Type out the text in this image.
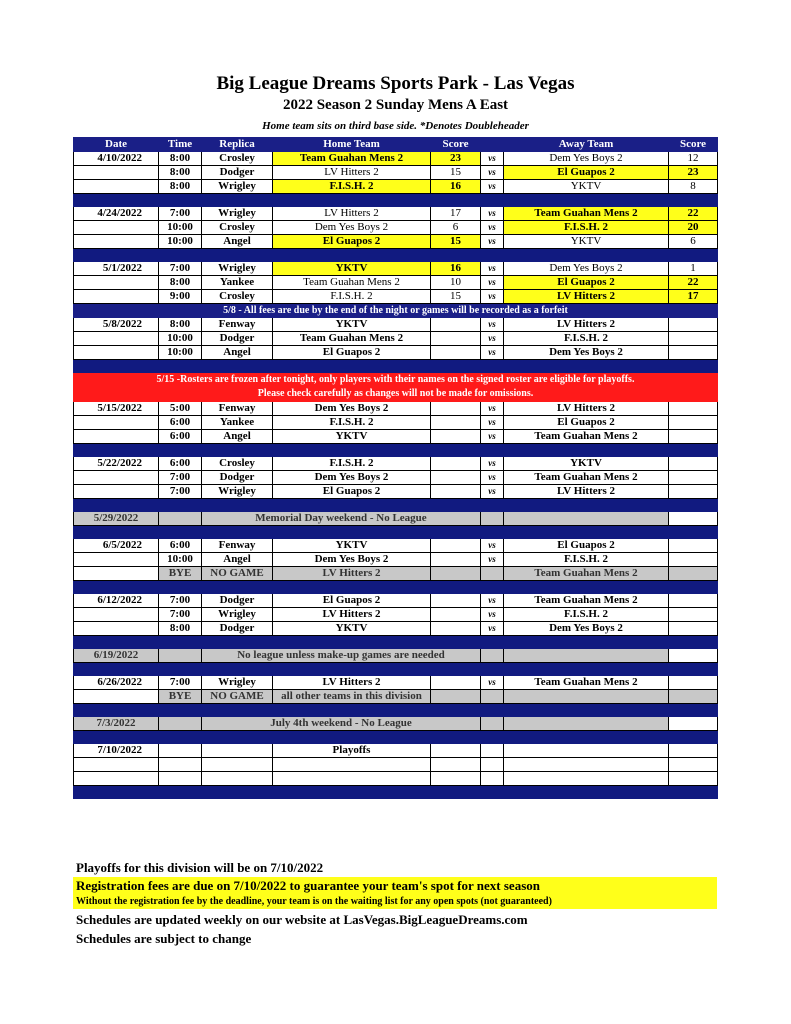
Big League Dreams Sports Park - Las Vegas
2022 Season 2 Sunday Mens A East
Home team sits on third base side. *Denotes Doubleheader
Date	Time	Replica	Home Team	Score		Away Team	Score
4/10/2022	8:00	Crosley	Team Guahan Mens 2	23	vs	Dem Yes Boys 2	12
	8:00	Dodger	LV Hitters 2	15	vs	El Guapos 2	23
	8:00	Wrigley	F.I.S.H. 2	16	vs	YKTV	8

4/24/2022	7:00	Wrigley	LV Hitters 2	17	vs	Team Guahan Mens 2	22
	10:00	Crosley	Dem Yes Boys 2	6	vs	F.I.S.H. 2	20
	10:00	Angel	El Guapos 2	15	vs	YKTV	6

5/1/2022	7:00	Wrigley	YKTV	16	vs	Dem Yes Boys 2	1
	8:00	Yankee	Team Guahan Mens 2	10	vs	El Guapos 2	22
	9:00	Crosley	F.I.S.H. 2	15	vs	LV Hitters 2	17
5/8 - All fees are due by the end of the night or games will be recorded as a forfeit							
5/8/2022	8:00	Fenway	YKTV		vs	LV Hitters 2	
	10:00	Dodger	Team Guahan Mens 2		vs	F.I.S.H. 2	
	10:00	Angel	El Guapos 2		vs	Dem Yes Boys 2	

5/15 -Rosters are frozen after tonight, only players with their names on the signed roster are eligible for playoffs.
Please check carefully as changes will not be made for omissions.							

5/15/2022	5:00	Fenway	Dem Yes Boys 2		vs	LV Hitters 2	
	6:00	Yankee	F.I.S.H. 2		vs	El Guapos 2	
	6:00	Angel	YKTV		vs	Team Guahan Mens 2	

5/22/2022	6:00	Crosley	F.I.S.H. 2		vs	YKTV	
	7:00	Dodger	Dem Yes Boys 2		vs	Team Guahan Mens 2	
	7:00	Wrigley	El Guapos 2		vs	LV Hitters 2	

5/29/2022		Memorial Day weekend - No League					

6/5/2022	6:00	Fenway	YKTV		vs	El Guapos 2	
	10:00	Angel	Dem Yes Boys 2		vs	F.I.S.H. 2	
	BYE	NO GAME	LV Hitters 2			Team Guahan Mens 2	

6/12/2022	7:00	Dodger	El Guapos 2		vs	Team Guahan Mens 2	
	7:00	Wrigley	LV Hitters 2		vs	F.I.S.H. 2	
	8:00	Dodger	YKTV		vs	Dem Yes Boys 2	

6/19/2022		No league unless make-up games are needed					

6/26/2022	7:00	Wrigley	LV Hitters 2		vs	Team Guahan Mens 2	
	BYE	NO GAME	all other teams in this division				

7/3/2022		July 4th weekend - No League					

7/10/2022			Playoffs				

Playoffs for this division will be on 7/10/2022
Registration fees are due on 7/10/2022 to guarantee your team's spot for next season
Without the registration fee by the deadline, your team is on the waiting list for any open spots (not guaranteed)
Schedules are updated weekly on our website at LasVegas.BigLeagueDreams.com
Schedules are subject to change
